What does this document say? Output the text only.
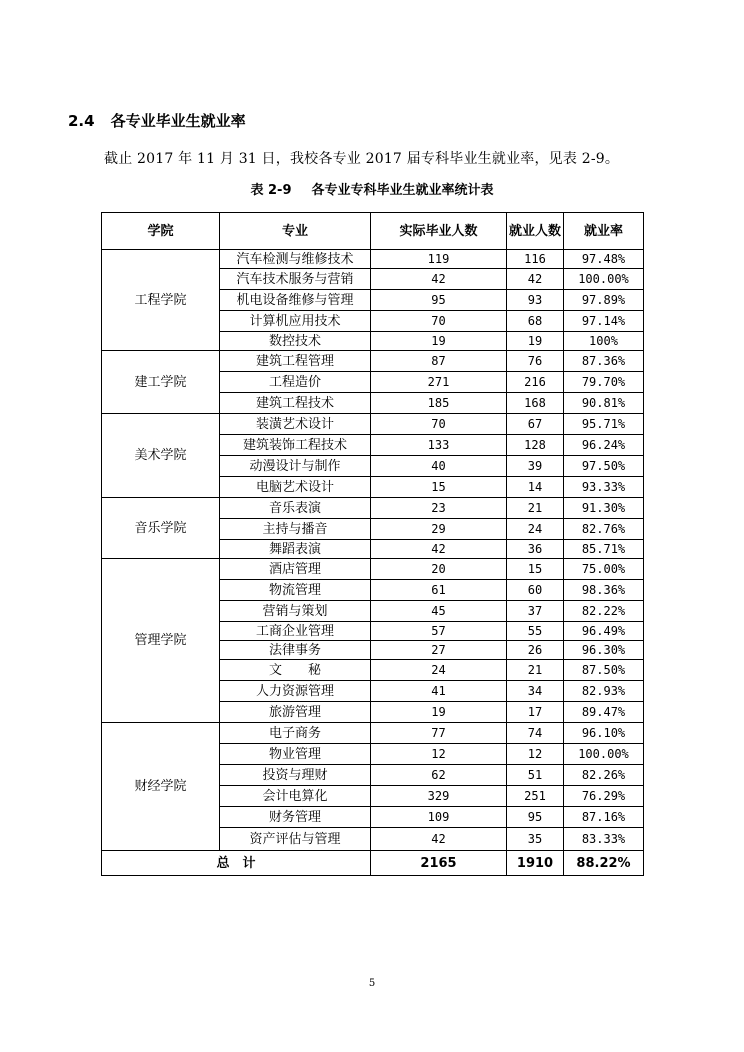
2.4 各专业毕业生就业率
截止 2017 年 11 月 31 日，我校各专业 2017 届专科毕业生就业率，见表 2-9。
表 2-9 各专业专科毕业生就业率统计表
学院	专业	实际毕业人数	就业人数	就业率
工程学院	汽车检测与维修技术	119	116	97.48%
	汽车技术服务与营销	42	42	100.00%
	机电设备维修与管理	95	93	97.89%
	计算机应用技术	70	68	97.14%
	数控技术	19	19	100%
建工学院	建筑工程管理	87	76	87.36%
	工程造价	271	216	79.70%
	建筑工程技术	185	168	90.81%
美术学院	装潢艺术设计	70	67	95.71%
	建筑装饰工程技术	133	128	96.24%
	动漫设计与制作	40	39	97.50%
	电脑艺术设计	15	14	93.33%
音乐学院	音乐表演	23	21	91.30%
	主持与播音	29	24	82.76%
	舞蹈表演	42	36	85.71%
管理学院	酒店管理	20	15	75.00%
	物流管理	61	60	98.36%
	营销与策划	45	37	82.22%
	工商企业管理	57	55	96.49%
	法律事务	27	26	96.30%
	文　　秘	24	21	87.50%
	人力资源管理	41	34	82.93%
	旅游管理	19	17	89.47%
财经学院	电子商务	77	74	96.10%
	物业管理	12	12	100.00%
	投资与理财	62	51	82.26%
	会计电算化	329	251	76.29%
	财务管理	109	95	87.16%
	资产评估与管理	42	35	83.33%
总　计		2165	1910	88.22%
5
